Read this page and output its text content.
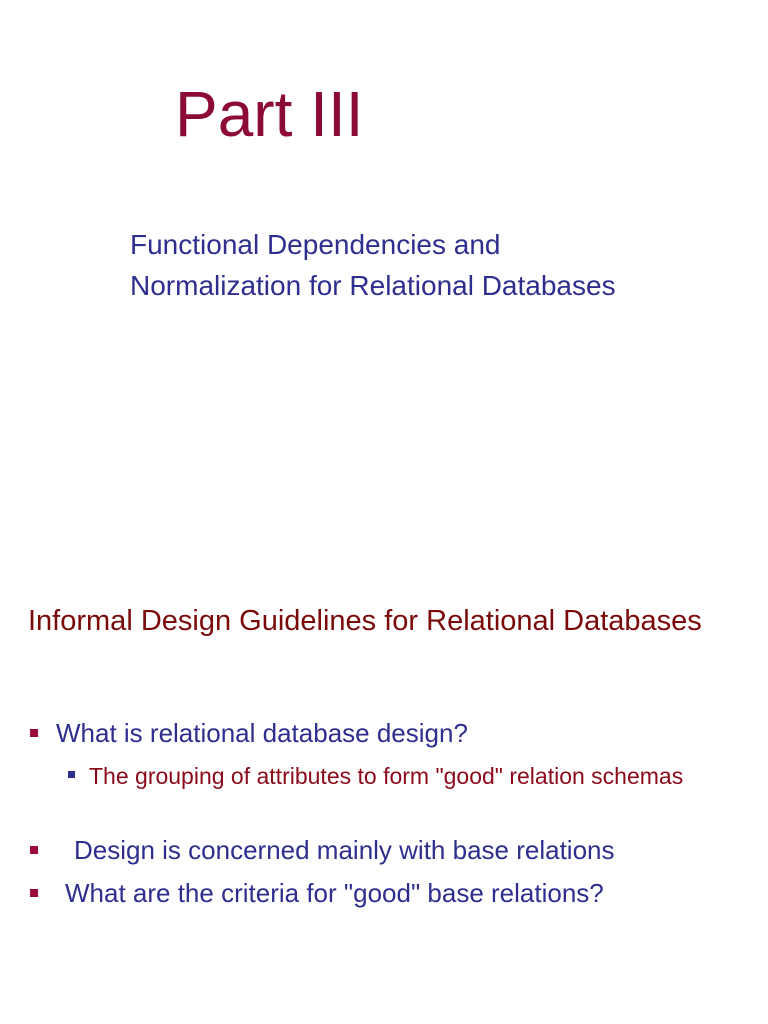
Part III
Functional Dependencies and Normalization for Relational Databases
Informal Design Guidelines for Relational Databases
What is relational database design?
The grouping of attributes to form "good" relation schemas
Design is concerned mainly with base relations
What are the criteria for "good" base relations?
